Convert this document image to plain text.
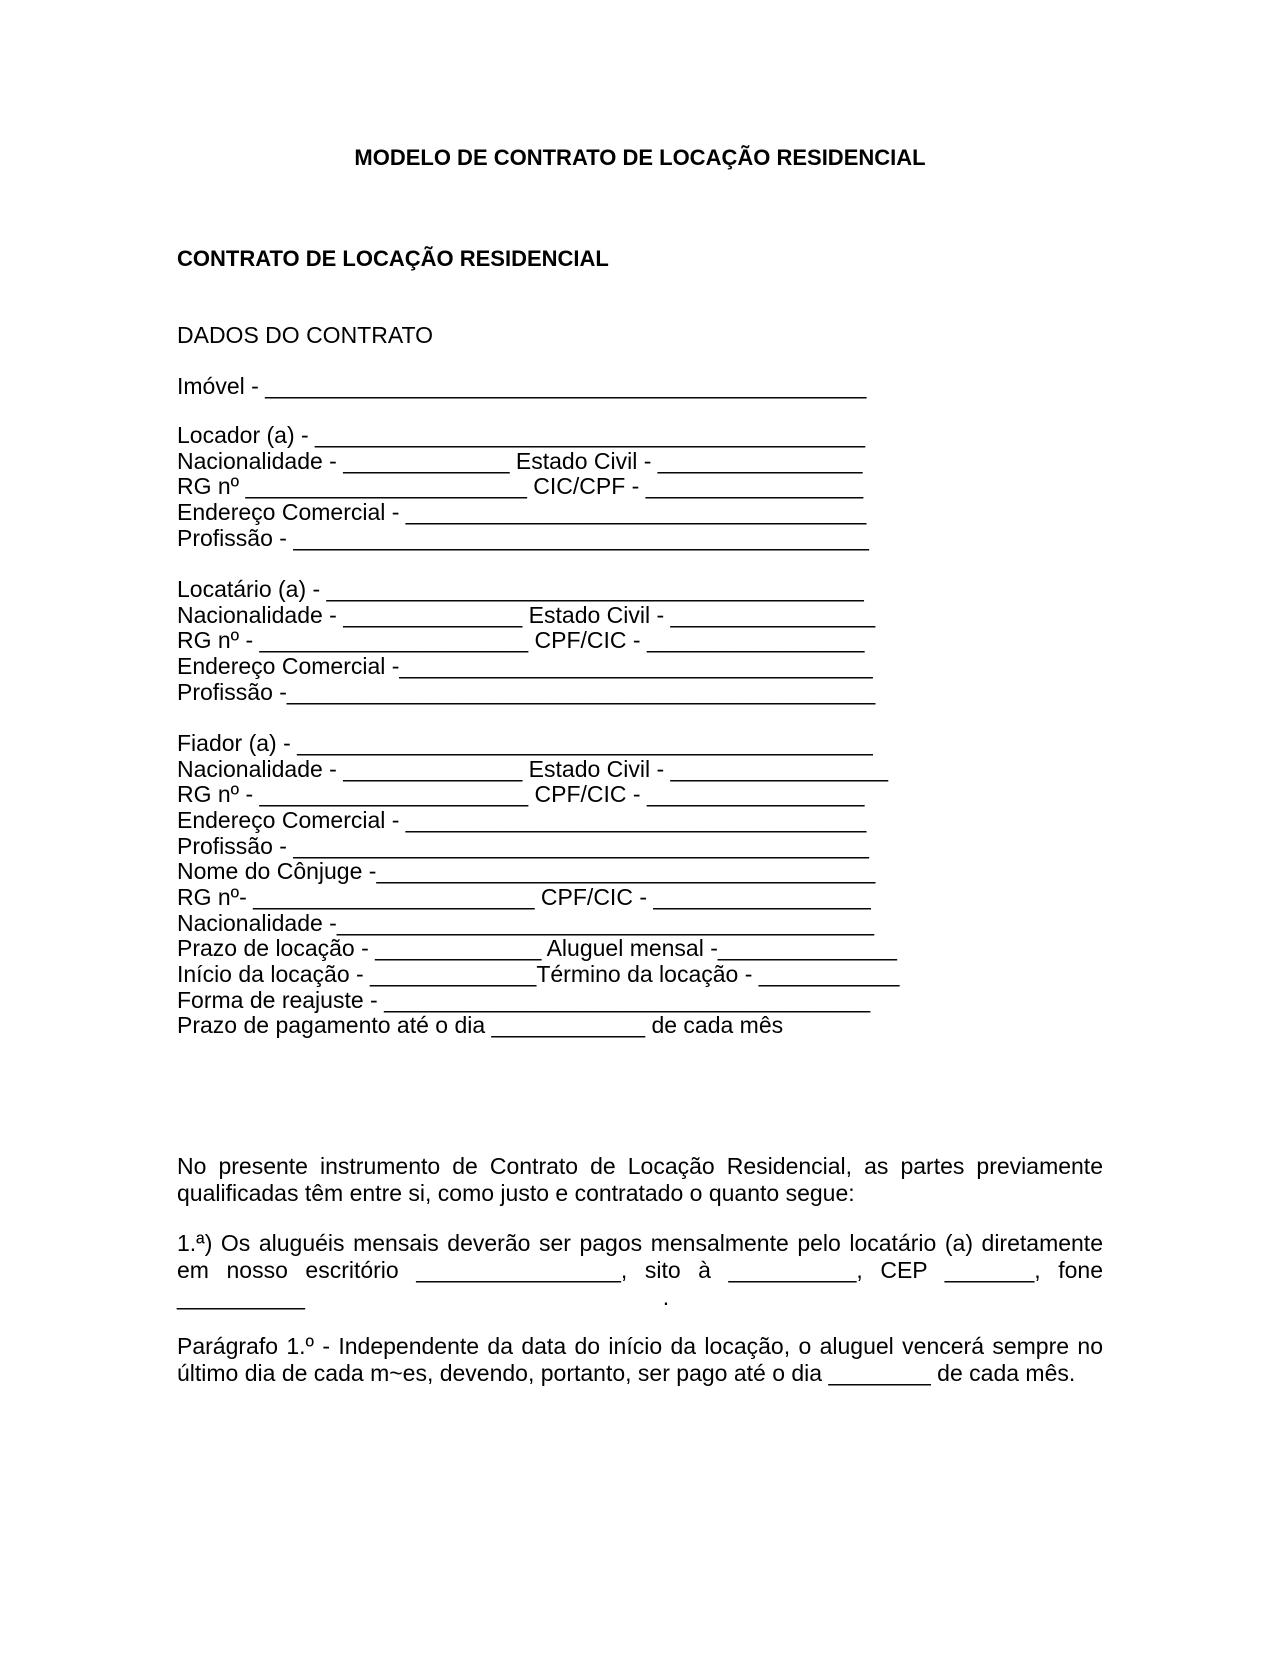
MODELO DE CONTRATO DE LOCAÇÃO RESIDENCIAL

CONTRATO DE LOCAÇÃO RESIDENCIAL

DADOS DO CONTRATO

Imóvel - _______________________________________________

Locador (a) - ___________________________________________

Nacionalidade - _____________ Estado Civil - ________________

RG nº ______________________ CIC/CPF - _________________

Endereço Comercial - ____________________________________

Profissão - _____________________________________________

Locatário (a) - __________________________________________

Nacionalidade - ______________ Estado Civil - ________________

RG nº - _____________________ CPF/CIC - _________________

Endereço Comercial -_____________________________________

Profissão -______________________________________________

Fiador (a) - _____________________________________________

Nacionalidade - ______________ Estado Civil - _________________

RG nº - _____________________ CPF/CIC - _________________

Endereço Comercial - ____________________________________

Profissão - _____________________________________________

Nome do Cônjuge -_______________________________________

RG nº- ______________________ CPF/CIC - _________________

Nacionalidade -__________________________________________

Prazo de locação - _____________ Aluguel mensal -______________

Início da locação - _____________Término da locação - ___________

Forma de reajuste - ______________________________________

Prazo de pagamento até o dia ____________ de cada mês

No presente instrumento de Contrato de Locação Residencial, as partes previamente
qualificadas têm entre si, como justo e contratado o quanto segue:
1.ª) Os aluguéis mensais deverão ser pagos mensalmente pelo locatário (a) diretamente
em nosso escritório ________________, sito à __________, CEP _______, fone
__________                                                        .
Parágrafo 1.º - Independente da data do início da locação, o aluguel vencerá sempre no
último dia de cada m~es, devendo, portanto, ser pago até o dia ________ de cada mês.
